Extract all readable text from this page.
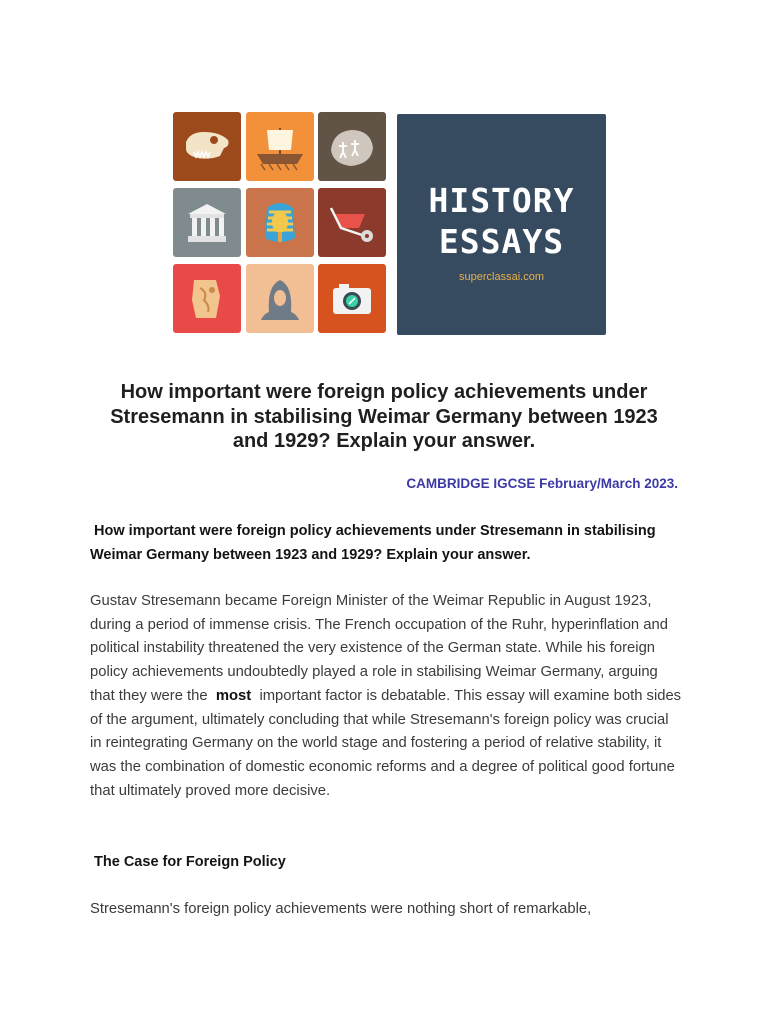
HISTORY
ESSAYS
superclassai.com
How important were foreign policy achievements under Stresemann in stabilising Weimar Germany between 1923 and 1929? Explain your answer.
CAMBRIDGE IGCSE February/March 2023.
How important were foreign policy achievements under Stresemann in stabilising Weimar Germany between 1923 and 1929? Explain your answer.
Gustav Stresemann became Foreign Minister of the Weimar Republic in August 1923, during a period of immense crisis. The French occupation of the Ruhr, hyperinflation and political instability threatened the very existence of the German state. While his foreign policy achievements undoubtedly played a role in stabilising Weimar Germany, arguing that they were the  most  important factor is debatable. This essay will examine both sides of the argument, ultimately concluding that while Stresemann's foreign policy was crucial in reintegrating Germany on the world stage and fostering a period of relative stability, it was the combination of domestic economic reforms and a degree of political good fortune that ultimately proved more decisive.
The Case for Foreign Policy
Stresemann's foreign policy achievements were nothing short of remarkable,
